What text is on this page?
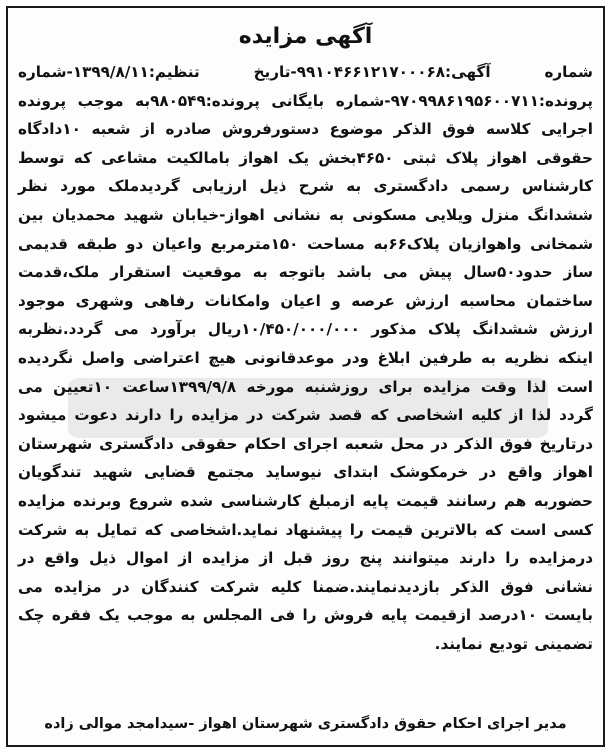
آگهی مزایده
شماره آگهی:۹۹۱۰۴۶۶۱۲۱۷۰۰۰۶۸-تاریخ تنظیم:۱۳۹۹/۸/۱۱-شماره پرونده:۹۷۰۹۹۸۶۱۹۵۶۰۰۷۱۱-شماره بایگانی پرونده:۹۸۰۵۴۹به موجب پرونده اجرایی کلاسه فوق الذکر موضوع دستورفروش صادره از شعبه ۱۰دادگاه حقوقی اهواز پلاک ثبتی ۴۶۵۰بخش یک اهواز بامالکیت مشاعی که توسط کارشناس رسمی دادگستری به شرح ذیل ارزیابی گردیدملک مورد نظر ششدانگ منزل ویلایی مسکونی به نشانی اهواز-خیابان شهید محمدیان بین شمخانی واهوازیان پلاک۶۶به مساحت ۱۵۰مترمربع واعیان دو طبقه قدیمی ساز حدود۵۰سال پیش می باشد باتوجه به موقعیت استقرار ملک،قدمت ساختمان محاسبه ارزش عرصه و اعیان وامکانات رفاهی وشهری موجود ارزش ششدانگ پلاک مذکور ۱۰/۴۵۰/۰۰۰/۰۰۰ریال برآورد می گردد.نظربه اینکه نظریه به طرفین ابلاغ ودر موعدقانونی هیچ اعتراضی واصل نگردیده است لذا وقت مزایده برای روزشنبه مورخه ۱۳۹۹/۹/۸ساعت ۱۰تعیین می گردد لذا از کلیه اشخاصی که قصد شرکت در مزایده را دارند دعوت میشود درتاریخ فوق الذکر در محل شعبه اجرای احکام حقوقی دادگستری شهرستان اهواز واقع در خرمکوشک ابتدای نیوساید مجتمع قضایی شهید تندگویان حضوربه هم رسانند قیمت پایه ازمبلغ کارشناسی شده شروع وبرنده مزایده کسی است که بالاترین قیمت را پیشنهاد نماید.اشخاصی که تمایل به شرکت درمزایده را دارند میتوانند پنج روز قبل از مزایده از اموال ذیل واقع در نشانی فوق الذکر بازدیدنمایند.ضمنا کلیه شرکت کنندگان در مزایده می بایست ۱۰درصد ازقیمت پایه فروش را فی المجلس به موجب یک فقره چک تضمینی تودیع نمایند.
مدیر اجرای احکام حقوق دادگستری شهرستان اهواز -سیدامجد موالی زاده
